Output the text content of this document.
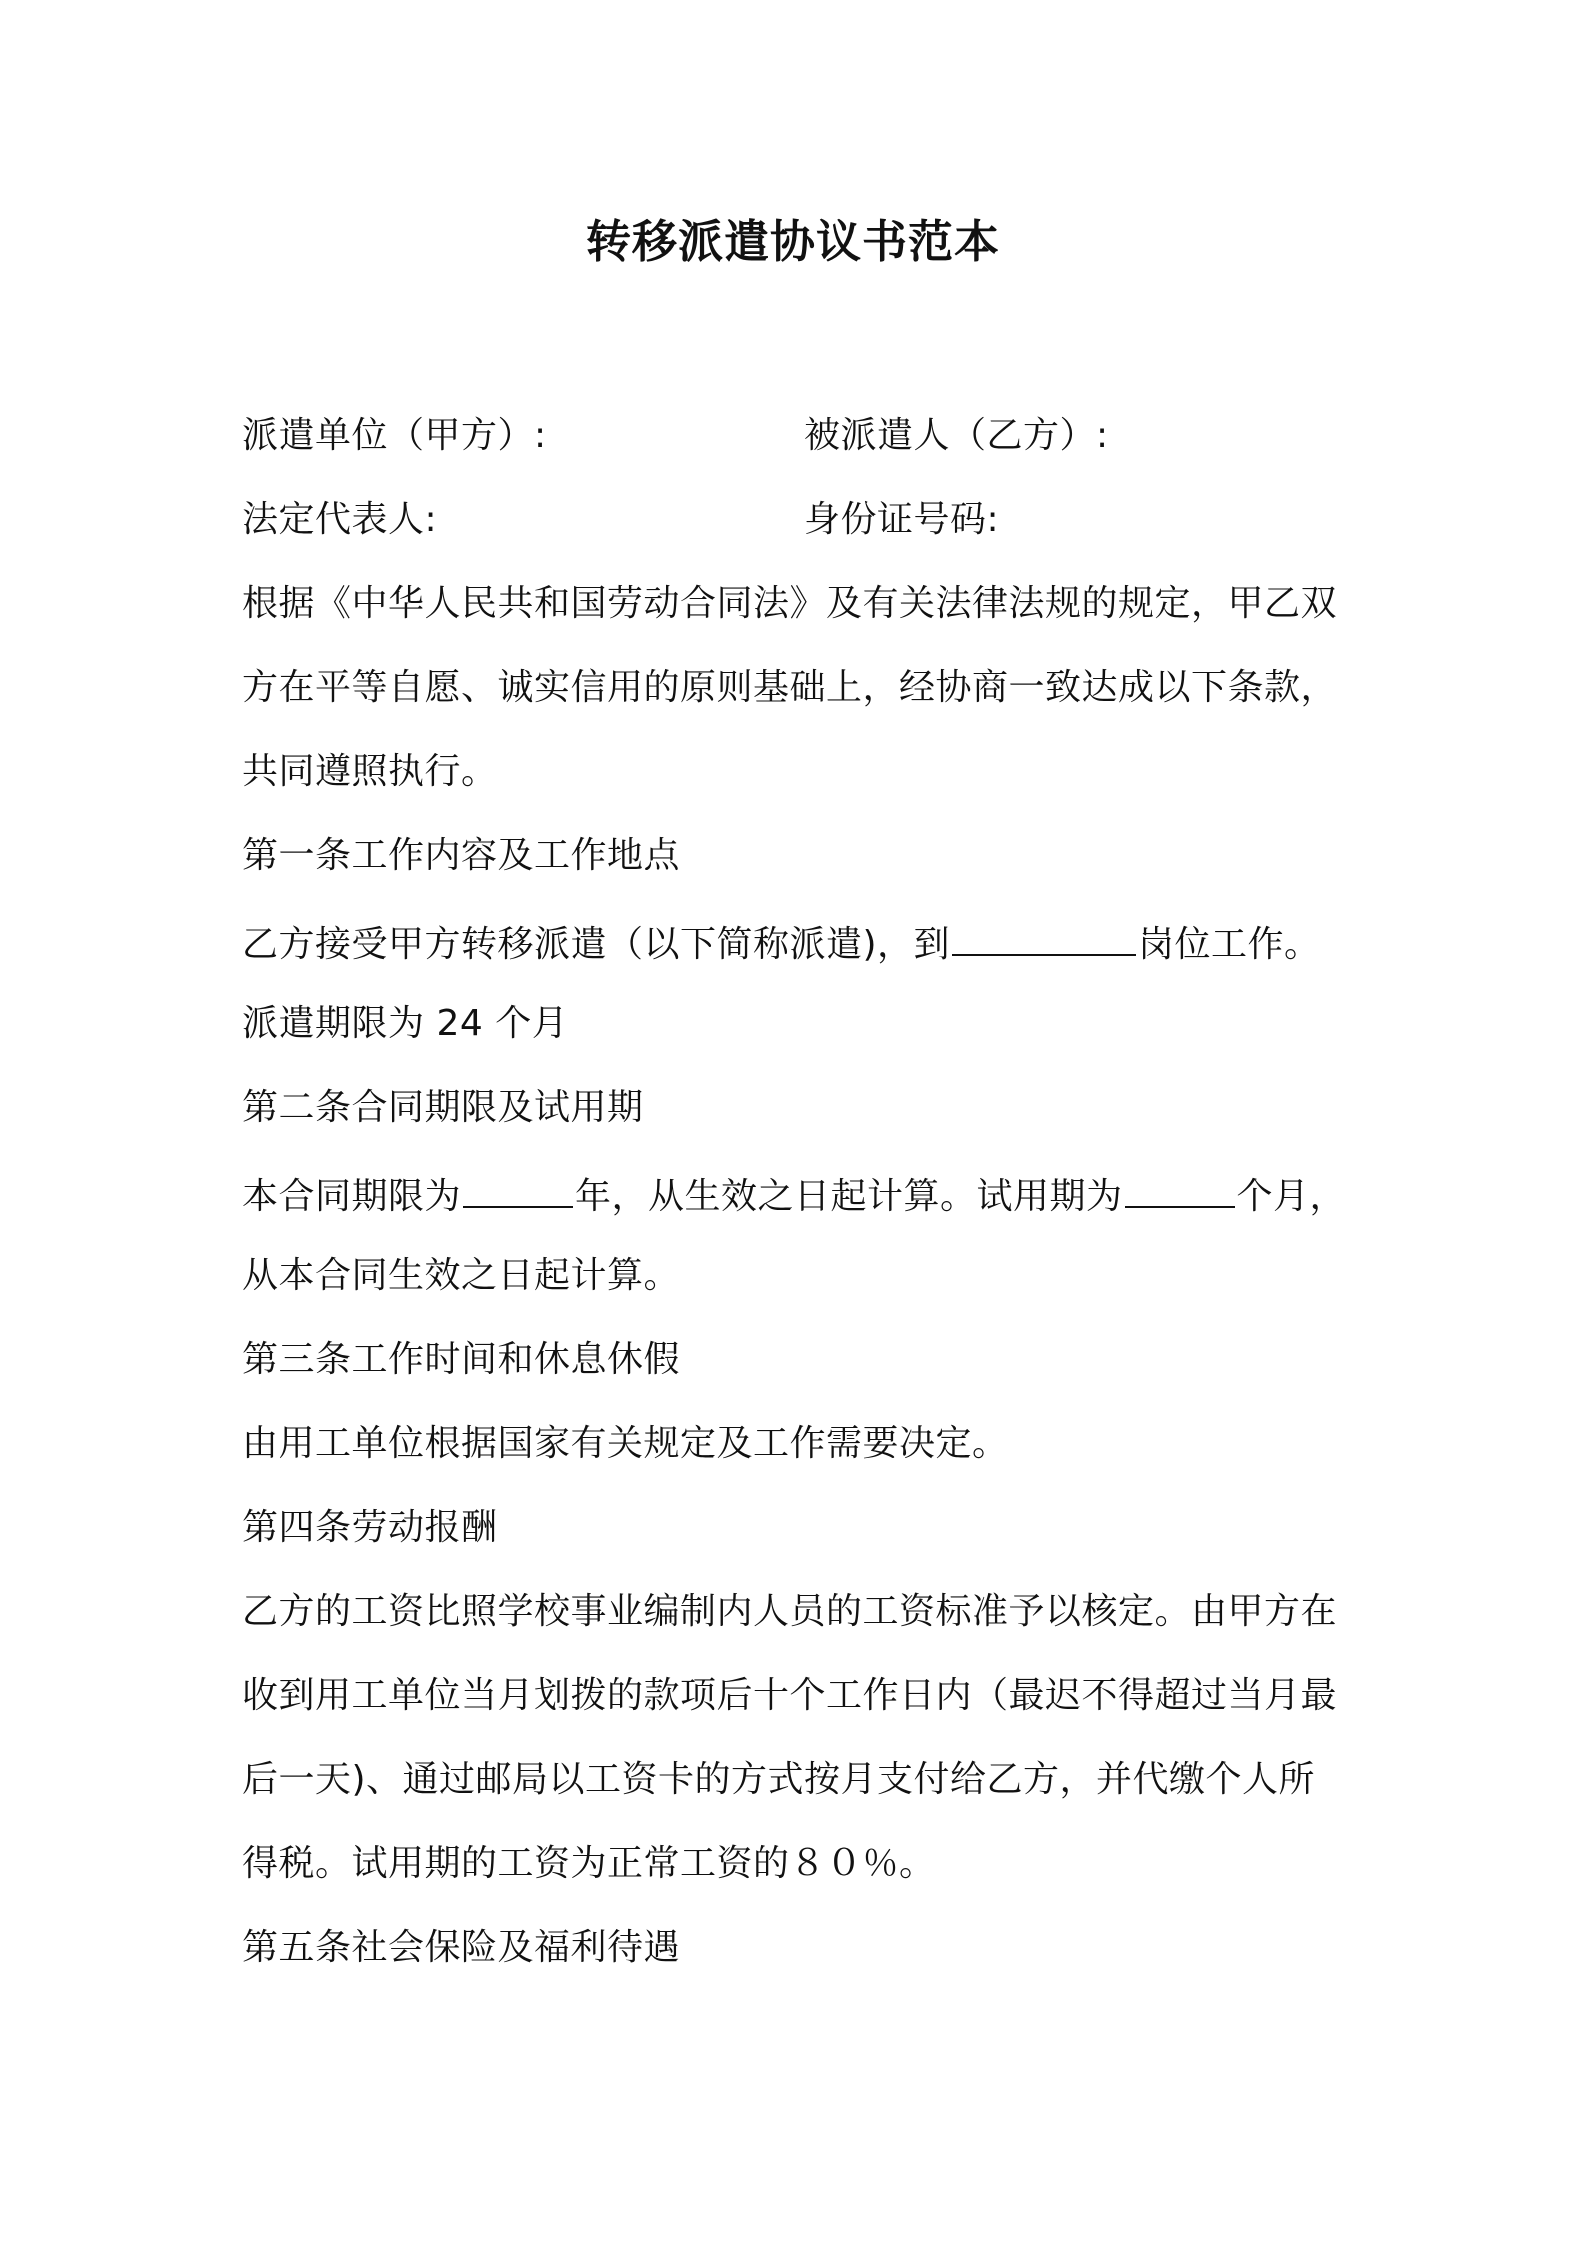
转移派遣协议书范本
派遣单位（甲方）:	被派遣人（乙方）:
法定代表人:	身份证号码:
根据《中华人民共和国劳动合同法》及有关法律法规的规定，甲乙双
方在平等自愿、诚实信用的原则基础上，经协商一致达成以下条款，
共同遵照执行。
第一条工作内容及工作地点
乙方接受甲方转移派遣（以下简称派遣)，到	岗位工作。
派遣期限为 24 个月
第二条合同期限及试用期
本合同期限为	年，从生效之日起计算。试用期为	个月，
从本合同生效之日起计算。
第三条工作时间和休息休假
由用工单位根据国家有关规定及工作需要决定。
第四条劳动报酬
乙方的工资比照学校事业编制内人员的工资标准予以核定。由甲方在
收到用工单位当月划拨的款项后十个工作日内（最迟不得超过当月最
后一天)、通过邮局以工资卡的方式按月支付给乙方，并代缴个人所
得税。试用期的工资为正常工资的８０％。
第五条社会保险及福利待遇
